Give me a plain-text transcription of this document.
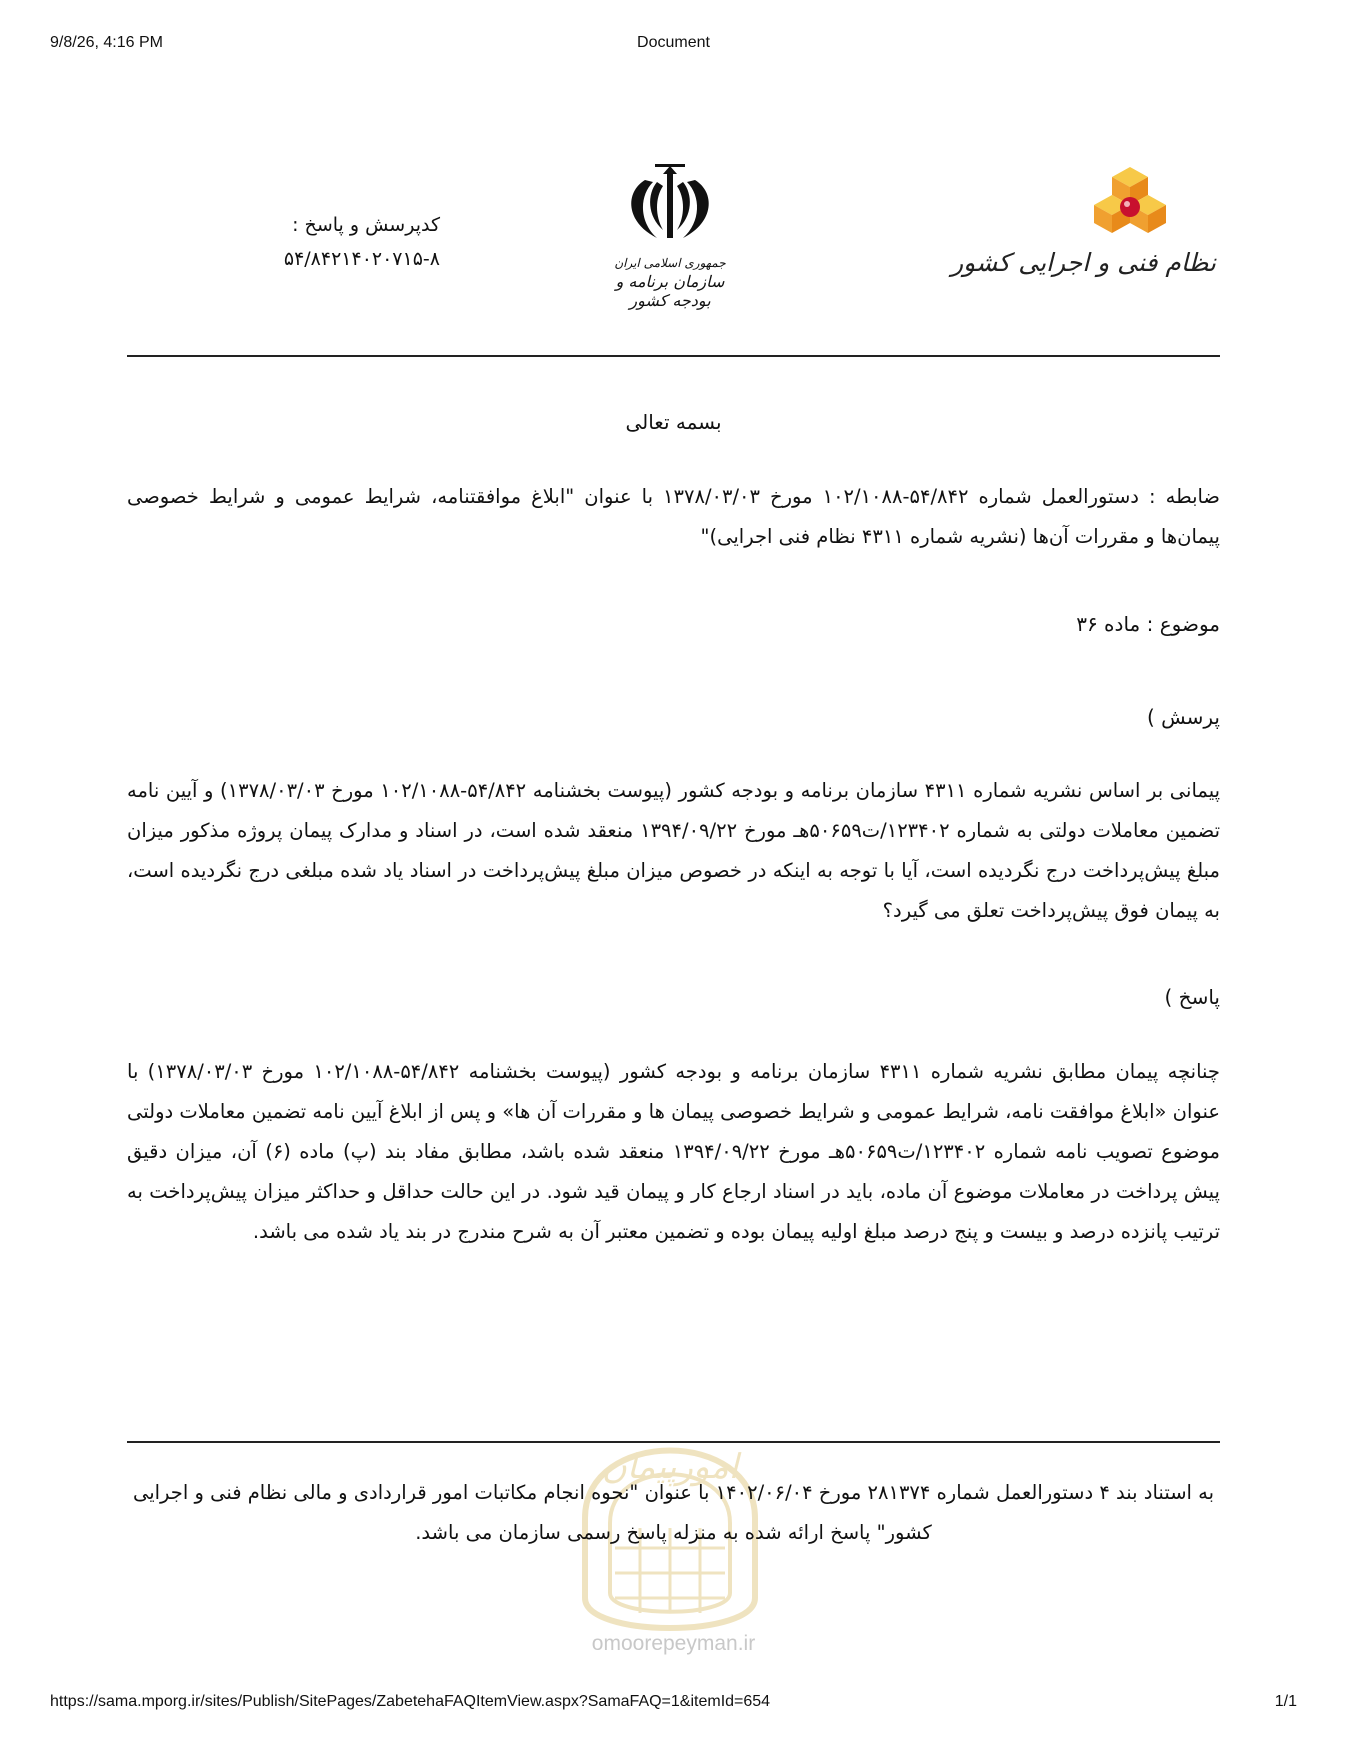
9/8/26, 4:16 PM	Document
کدپرسش و پاسخ :
۵۴/۸۴۲۱۴۰۲۰۷۱۵-۸	جمهوری اسلامی ایران
سازمان برنامه و بودجه کشور
نظام فنی و اجرایی کشور
بسمه تعالی
ضابطه : دستورالعمل شماره ۵۴/۸۴۲-۱۰۲/۱۰۸۸ مورخ ۱۳۷۸/۰۳/۰۳ با عنوان "ابلاغ موافقتنامه، شرایط عمومی و شرایط خصوصی پیمان‌ها و مقررات آن‌ها (نشریه شماره ۴۳۱۱ نظام فنی اجرایی)"
موضوع : ماده ۳۶
پرسش )
پیمانی بر اساس نشریه شماره ۴۳۱۱ سازمان برنامه و بودجه کشور (پیوست بخشنامه ۵۴/۸۴۲-۱۰۲/۱۰۸۸ مورخ ۱۳۷۸/۰۳/۰۳) و آیین نامه تضمین معاملات دولتی به شماره ۱۲۳۴۰۲/ت۵۰۶۵۹هـ مورخ ۱۳۹۴/۰۹/۲۲ منعقد شده است، در اسناد و مدارک پیمان پروژه مذکور میزان مبلغ پیش‌پرداخت درج نگردیده است، آیا با توجه به اینکه در خصوص میزان مبلغ پیش‌پرداخت در اسناد یاد شده مبلغی درج نگردیده است، به پیمان فوق پیش‌پرداخت تعلق می گیرد؟
پاسخ )
چنانچه پیمان مطابق نشریه شماره ۴۳۱۱ سازمان برنامه و بودجه کشور (پیوست بخشنامه ۵۴/۸۴۲-۱۰۲/۱۰۸۸ مورخ ۱۳۷۸/۰۳/۰۳) با عنوان «ابلاغ موافقت نامه، شرایط عمومی و شرایط خصوصی پیمان ها و مقررات آن ها» و پس از ابلاغ آیین نامه تضمین معاملات دولتی موضوع تصویب نامه شماره ۱۲۳۴۰۲/ت۵۰۶۵۹هـ مورخ ۱۳۹۴/۰۹/۲۲ منعقد شده باشد، مطابق مفاد بند (پ) ماده (۶) آن، میزان دقیق پیش پرداخت در معاملات موضوع آن ماده، باید در اسناد ارجاع کار و پیمان قید شود. در این حالت حداقل و حداکثر میزان پیش‌پرداخت به ترتیب پانزده درصد و بیست و پنج درصد مبلغ اولیه پیمان بوده و تضمین معتبر آن به شرح مندرج در بند یاد شده می باشد.
امورپیمان
به استناد بند ۴ دستورالعمل شماره ۲۸۱۳۷۴ مورخ ۱۴۰۲/۰۶/۰۴ با عنوان "نحوه انجام مکاتبات امور قراردادی و مالی نظام فنی و اجرایی کشور" پاسخ ارائه شده به منزله پاسخ رسمی سازمان می باشد.
omoorepeyman.ir
https://sama.mporg.ir/sites/Publish/SitePages/ZabetehaFAQItemView.aspx?SamaFAQ=1&itemId=654	1/1
